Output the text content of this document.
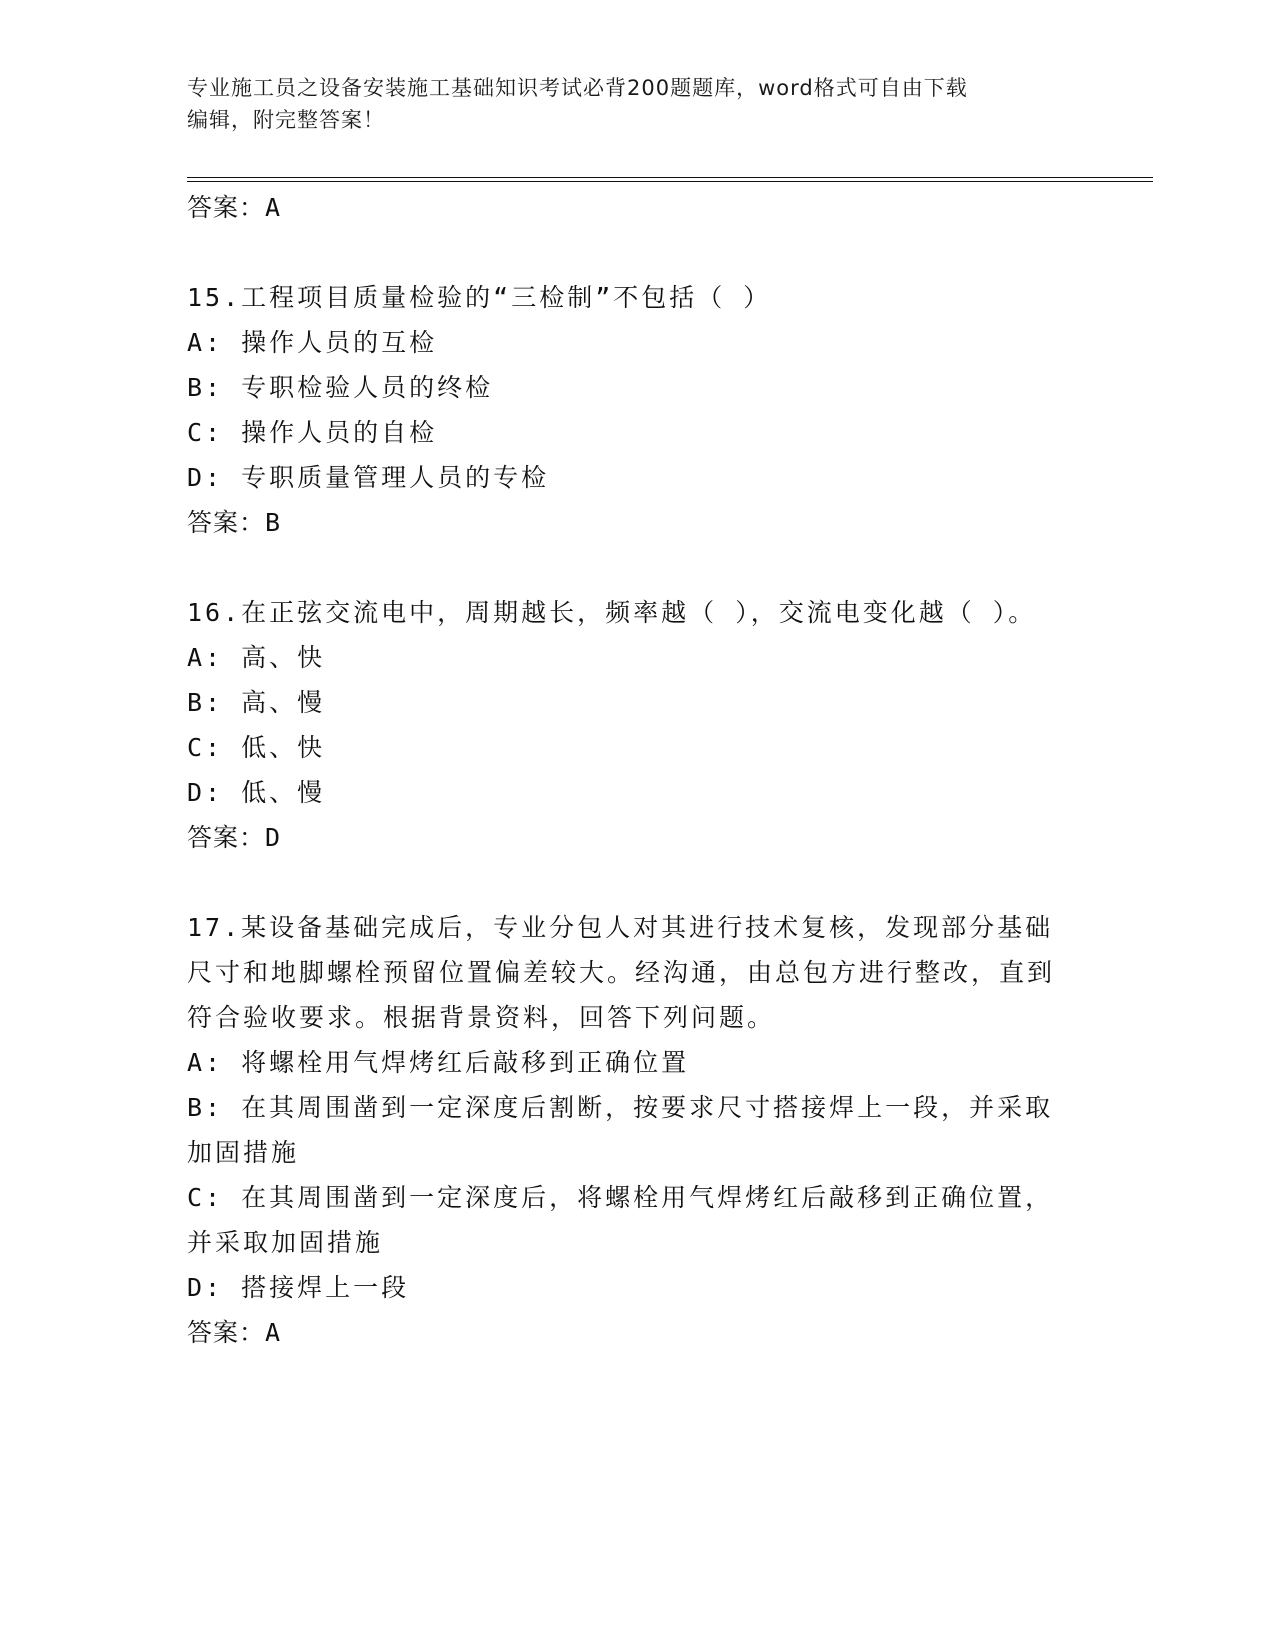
专业施工员之设备安装施工基础知识考试必背200题题库，word格式可自由下载
编辑，附完整答案！
答案：A
15.工程项目质量检验的“三检制”不包括（ ）
A: 操作人员的互检
B: 专职检验人员的终检
C: 操作人员的自检
D: 专职质量管理人员的专检
答案：B
16.在正弦交流电中，周期越长，频率越（ ），交流电变化越（ ）。
A: 高、快
B: 高、慢
C: 低、快
D: 低、慢
答案：D
17.某设备基础完成后，专业分包人对其进行技术复核，发现部分基础尺寸和地脚螺栓预留位置偏差较大。经沟通，由总包方进行整改，直到符合验收要求。根据背景资料，回答下列问题。
A: 将螺栓用气焊烤红后敲移到正确位置
B: 在其周围凿到一定深度后割断，按要求尺寸搭接焊上一段，并采取加固措施
C: 在其周围凿到一定深度后，将螺栓用气焊烤红后敲移到正确位置，并采取加固措施
D: 搭接焊上一段
答案：A
